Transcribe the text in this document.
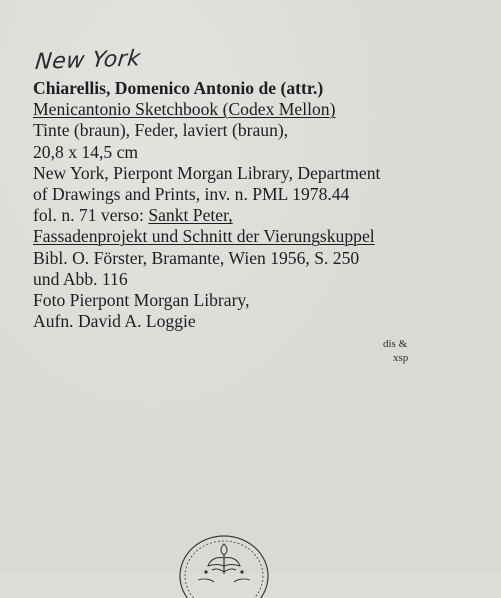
New York
Chiarellis, Domenico Antonio de (attr.)
Menicantonio Sketchbook (Codex Mellon)
Tinte (braun), Feder, laviert (braun),
20,8 x 14,5 cm
New York, Pierpont Morgan Library, Department
of Drawings and Prints, inv. n. PML 1978.44
fol. n. 71 verso: Sankt Peter,
Fassadenprojekt und Schnitt der Vierungskuppel
Bibl. O. Förster, Bramante, Wien 1956, S. 250
und Abb. 116
Foto Pierpont Morgan Library,
Aufn. David A. Loggie
dis &
xsp
